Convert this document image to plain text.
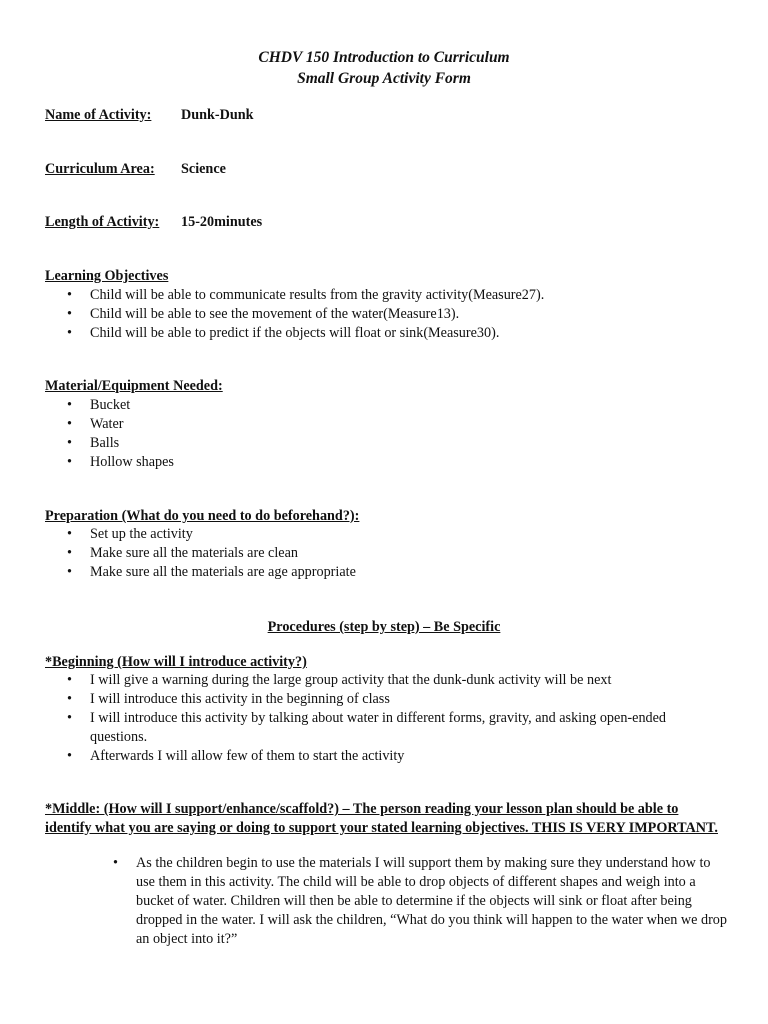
CHDV 150 Introduction to Curriculum
Small Group Activity Form
Name of Activity: Dunk-Dunk
Curriculum Area: Science
Length of Activity: 15-20minutes
Learning Objectives
• Child will be able to communicate results from the gravity activity(Measure27).
• Child will be able to see the movement of the water(Measure13).
• Child will be able to predict if the objects will float or sink(Measure30).
Material/Equipment Needed:
• Bucket
• Water
• Balls
• Hollow shapes
Preparation (What do you need to do beforehand?):
• Set up the activity
• Make sure all the materials are clean
• Make sure all the materials are age appropriate
Procedures (step by step) – Be Specific
*Beginning (How will I introduce activity?)
• I will give a warning during the large group activity that the dunk-dunk activity will be next
• I will introduce this activity in the beginning of class
• I will introduce this activity by talking about water in different forms, gravity, and asking open-ended questions.
• Afterwards I will allow few of them to start the activity
*Middle: (How will I support/enhance/scaffold?) – The person reading your lesson plan should be able to identify what you are saying or doing to support your stated learning objectives. THIS IS VERY IMPORTANT.
• As the children begin to use the materials I will support them by making sure they understand how to use them in this activity. The child will be able to drop objects of different shapes and weigh into a bucket of water. Children will then be able to determine if the objects will sink or float after being dropped in the water. I will ask the children, “What do you think will happen to the water when we drop an object into it?”
